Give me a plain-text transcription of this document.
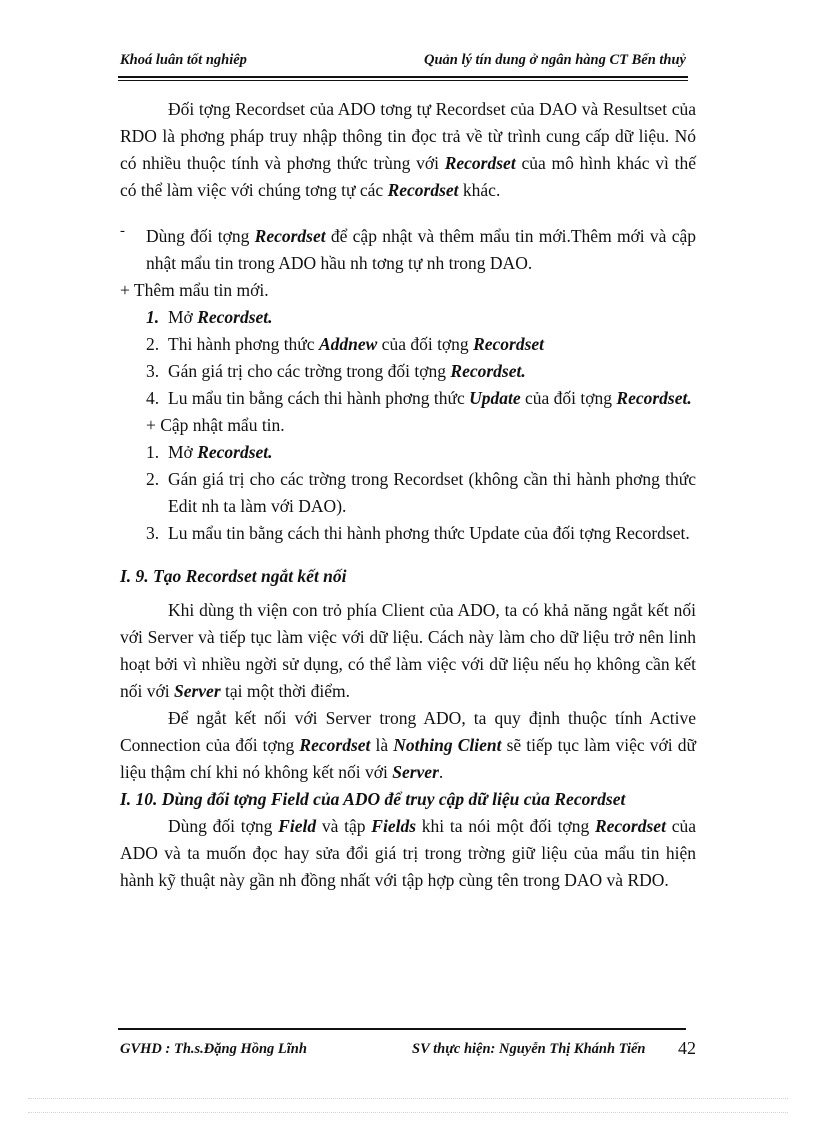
Khoá luân tốt nghiêp	Quản lý tín dung ở ngân hàng CT Bến thuỷ

Đối tợng Recordset của ADO tơng tự Recordset của DAO và Resultset của RDO là phơng pháp truy nhập thông tin đọc trả về từ trình cung cấp dữ liệu. Nó có nhiều thuộc tính và phơng thức trùng với Recordset của mô hình khác vì thế có thể làm việc với chúng tơng tự các Recordset khác.

- Dùng đối tợng Recordset để cập nhật và thêm mẩu tin mới.Thêm mới và cập nhật mẩu tin trong ADO hầu nh tơng tự nh trong DAO.

+ Thêm mẩu tin mới.

1. Mở Recordset.

2. Thi hành phơng thức Addnew của đối tợng Recordset

3. Gán giá trị cho các trờng trong đối tợng Recordset.

4. Lu mẩu tin bằng cách thi hành phơng thức Update của đối tợng Recordset.

+ Cập nhật mẩu tin.

1. Mở Recordset.

2. Gán giá trị cho các trờng trong Recordset (không cần thi hành phơng thức Edit nh ta làm với DAO).

3. Lu mẩu tin bằng cách thi hành phơng thức Update của đối tợng Recordset.

I. 9. Tạo Recordset ngắt kết nối

Khi dùng th viện con trỏ phía Client của ADO, ta có khả năng ngắt kết nối với Server và tiếp tục làm việc với dữ liệu. Cách này làm cho dữ liệu trở nên linh hoạt bởi vì nhiều ngời sử dụng, có thể làm việc với dữ liệu nếu họ không cần kết nối với Server tại một thời điểm.

Để ngắt kết nối với Server trong ADO, ta quy định thuộc tính Active Connection của đối tợng Recordset là Nothing Client sẽ tiếp tục làm việc với dữ liệu thậm chí khi nó không kết nối với Server.

I. 10. Dùng đối tợng Field của ADO để truy cập dữ liệu của Recordset

Dùng đối tợng Field và tập Fields khi ta nói một đối tợng Recordset của ADO và ta muốn đọc hay sửa đổi giá trị trong trờng giữ liệu của mẩu tin hiện hành kỹ thuật này gần nh đồng nhất với tập hợp cùng tên trong DAO và RDO.

GVHD : Th.s.Đặng Hồng Lĩnh	SV thực hiện: Nguyễn Thị Khánh Tiến 42
